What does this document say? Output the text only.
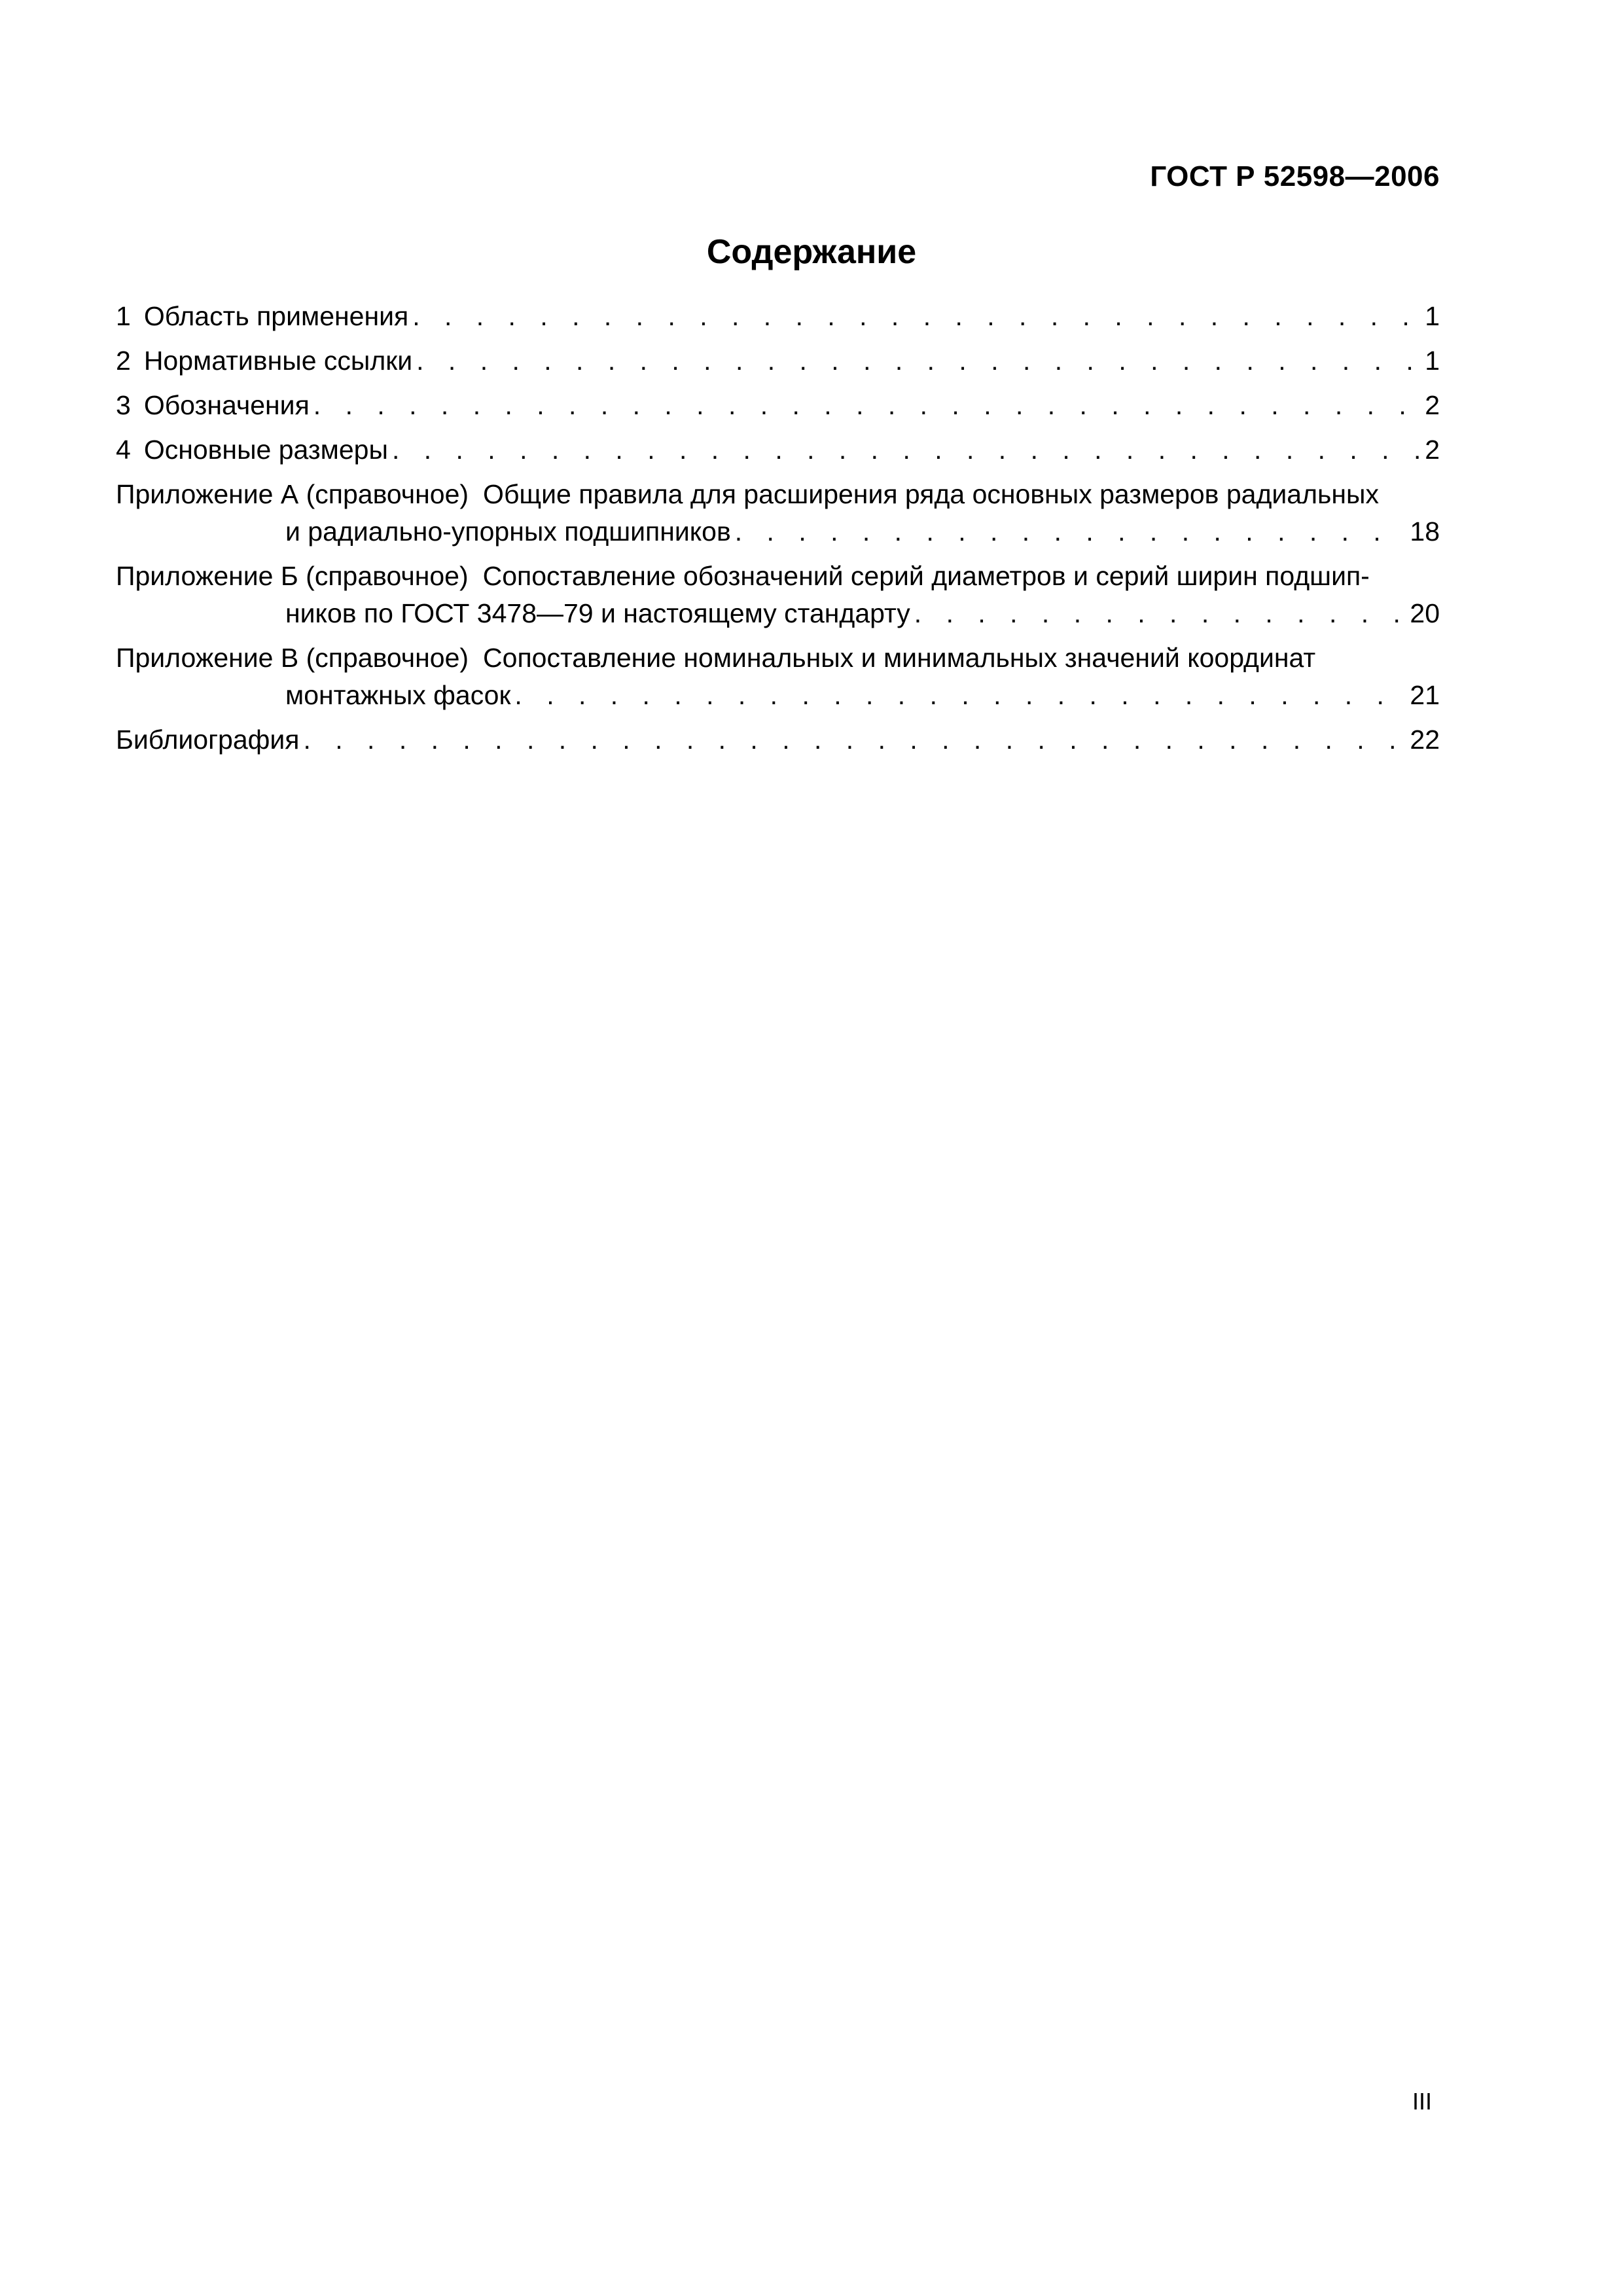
ГОСТ Р 52598—2006
Содержание
1 Область применения . . .	1
2 Нормативные ссылки . . .	1
3 Обозначения . . .	2
4 Основные размеры . . .	2
Приложение А (справочное) Общие правила для расширения ряда основных размеров радиальных
и радиально-упорных подшипников . . .	18
Приложение Б (справочное) Сопоставление обозначений серий диаметров и серий ширин подшип-
ников по ГОСТ 3478—79 и настоящему стандарту . . .	20
Приложение В (справочное) Сопоставление номинальных и минимальных значений координат
монтажных фасок . . .	21
Библиография . . .	22
III
